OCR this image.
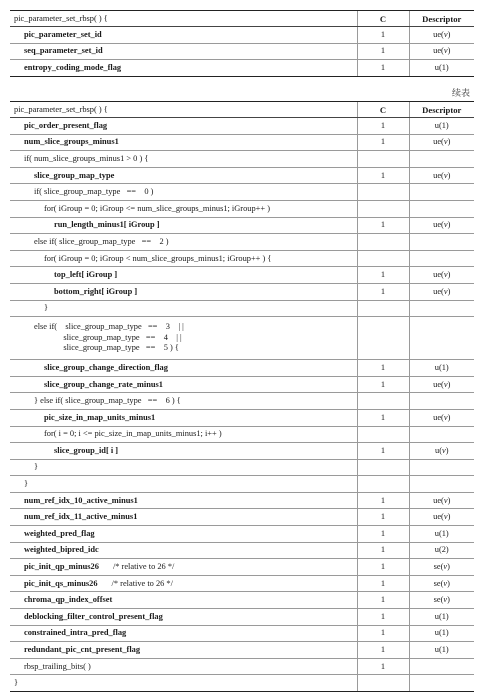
pic_parameter_set_rbsp( ) {	C	Descriptor
pic_parameter_set_id	1	ue(v)
seq_parameter_set_id	1	ue(v)
entropy_coding_mode_flag	1	u(1)
续表
pic_parameter_set_rbsp( ) {	C	Descriptor
pic_order_present_flag	1	u(1)
num_slice_groups_minus1	1	ue(v)
if( num_slice_groups_minus1 > 0 ) {		
slice_group_map_type	1	ue(v)
if( slice_group_map_type   ==    0 )		
for( iGroup = 0; iGroup <= num_slice_groups_minus1; iGroup++ )		
run_length_minus1[ iGroup ]	1	ue(v)
else if( slice_group_map_type   ==    2 )		
for( iGroup = 0; iGroup < num_slice_groups_minus1; iGroup++ ) {		
top_left[ iGroup ]	1	ue(v)
bottom_right[ iGroup ]	1	ue(v)
}		
else if(    slice_group_map_type   ==    3    | |
slice_group_map_type   ==    4    | |
slice_group_map_type   ==    5 ) {		
slice_group_change_direction_flag	1	u(1)
slice_group_change_rate_minus1	1	ue(v)
} else if( slice_group_map_type   ==    6 ) {		
pic_size_in_map_units_minus1	1	ue(v)
for( i = 0; i <= pic_size_in_map_units_minus1; i++ )		
slice_group_id[ i ]	1	u(v)
}		
}		
num_ref_idx_10_active_minus1	1	ue(v)
num_ref_idx_11_active_minus1	1	ue(v)
weighted_pred_flag	1	u(1)
weighted_bipred_idc	1	u(2)
pic_init_qp_minus26 /* relative to 26 */	1	se(v)
pic_init_qs_minus26 /* relative to 26 */	1	se(v)
chroma_qp_index_offset	1	se(v)
deblocking_filter_control_present_flag	1	u(1)
constrained_intra_pred_flag	1	u(1)
redundant_pic_cnt_present_flag	1	u(1)
rbsp_trailing_bits( )	1	
}		
